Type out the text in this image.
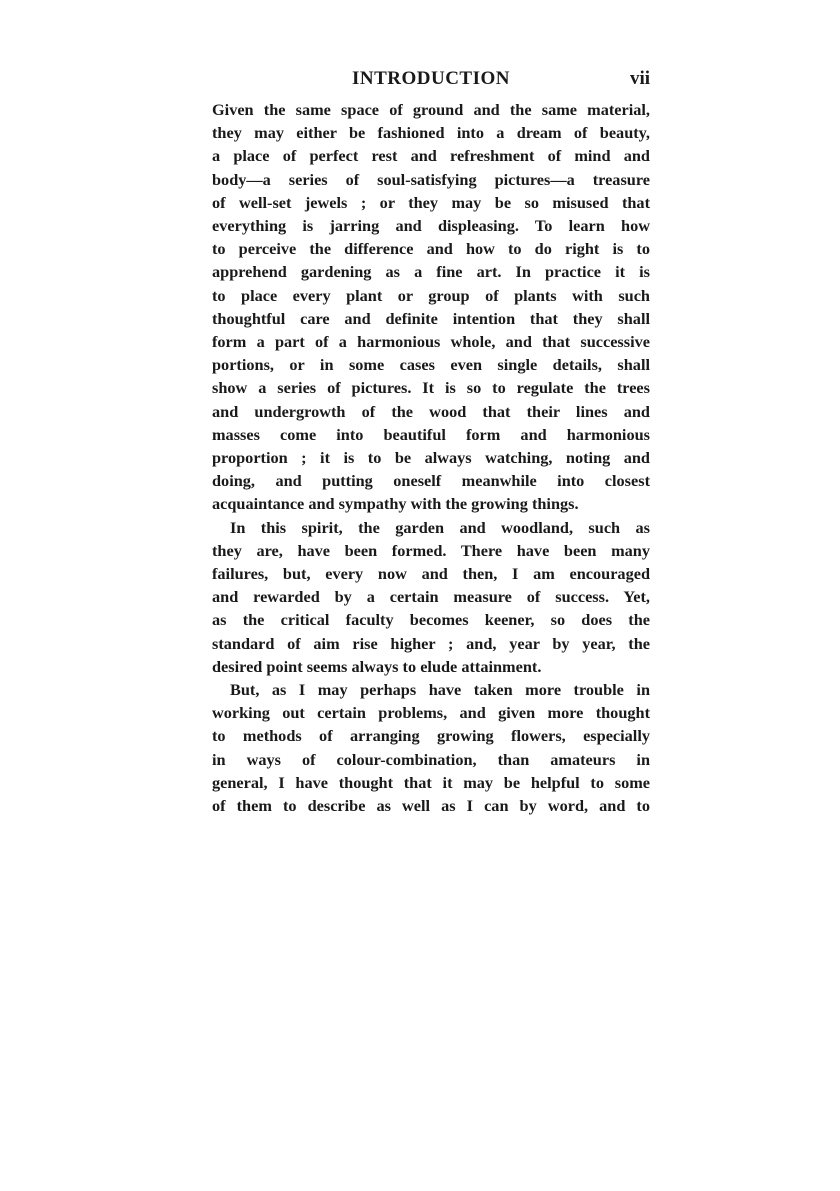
INTRODUCTION	vii

Given the same space of ground and the same material,
they may either be fashioned into a dream of beauty,
a place of perfect rest and refreshment of mind and
body—a series of soul-satisfying pictures—a treasure
of well-set jewels ; or they may be so misused that
everything is jarring and displeasing. To learn how
to perceive the difference and how to do right is to
apprehend gardening as a fine art. In practice it is
to place every plant or group of plants with such
thoughtful care and definite intention that they shall
form a part of a harmonious whole, and that successive
portions, or in some cases even single details, shall
show a series of pictures. It is so to regulate the trees
and undergrowth of the wood that their lines and
masses come into beautiful form and harmonious
proportion ; it is to be always watching, noting and
doing, and putting oneself meanwhile into closest
acquaintance and sympathy with the growing things.

In this spirit, the garden and woodland, such as
they are, have been formed. There have been many
failures, but, every now and then, I am encouraged
and rewarded by a certain measure of success. Yet,
as the critical faculty becomes keener, so does the
standard of aim rise higher ; and, year by year, the
desired point seems always to elude attainment.

But, as I may perhaps have taken more trouble in
working out certain problems, and given more thought
to methods of arranging growing flowers, especially
in ways of colour-combination, than amateurs in
general, I have thought that it may be helpful to some
of them to describe as well as I can by word, and to
